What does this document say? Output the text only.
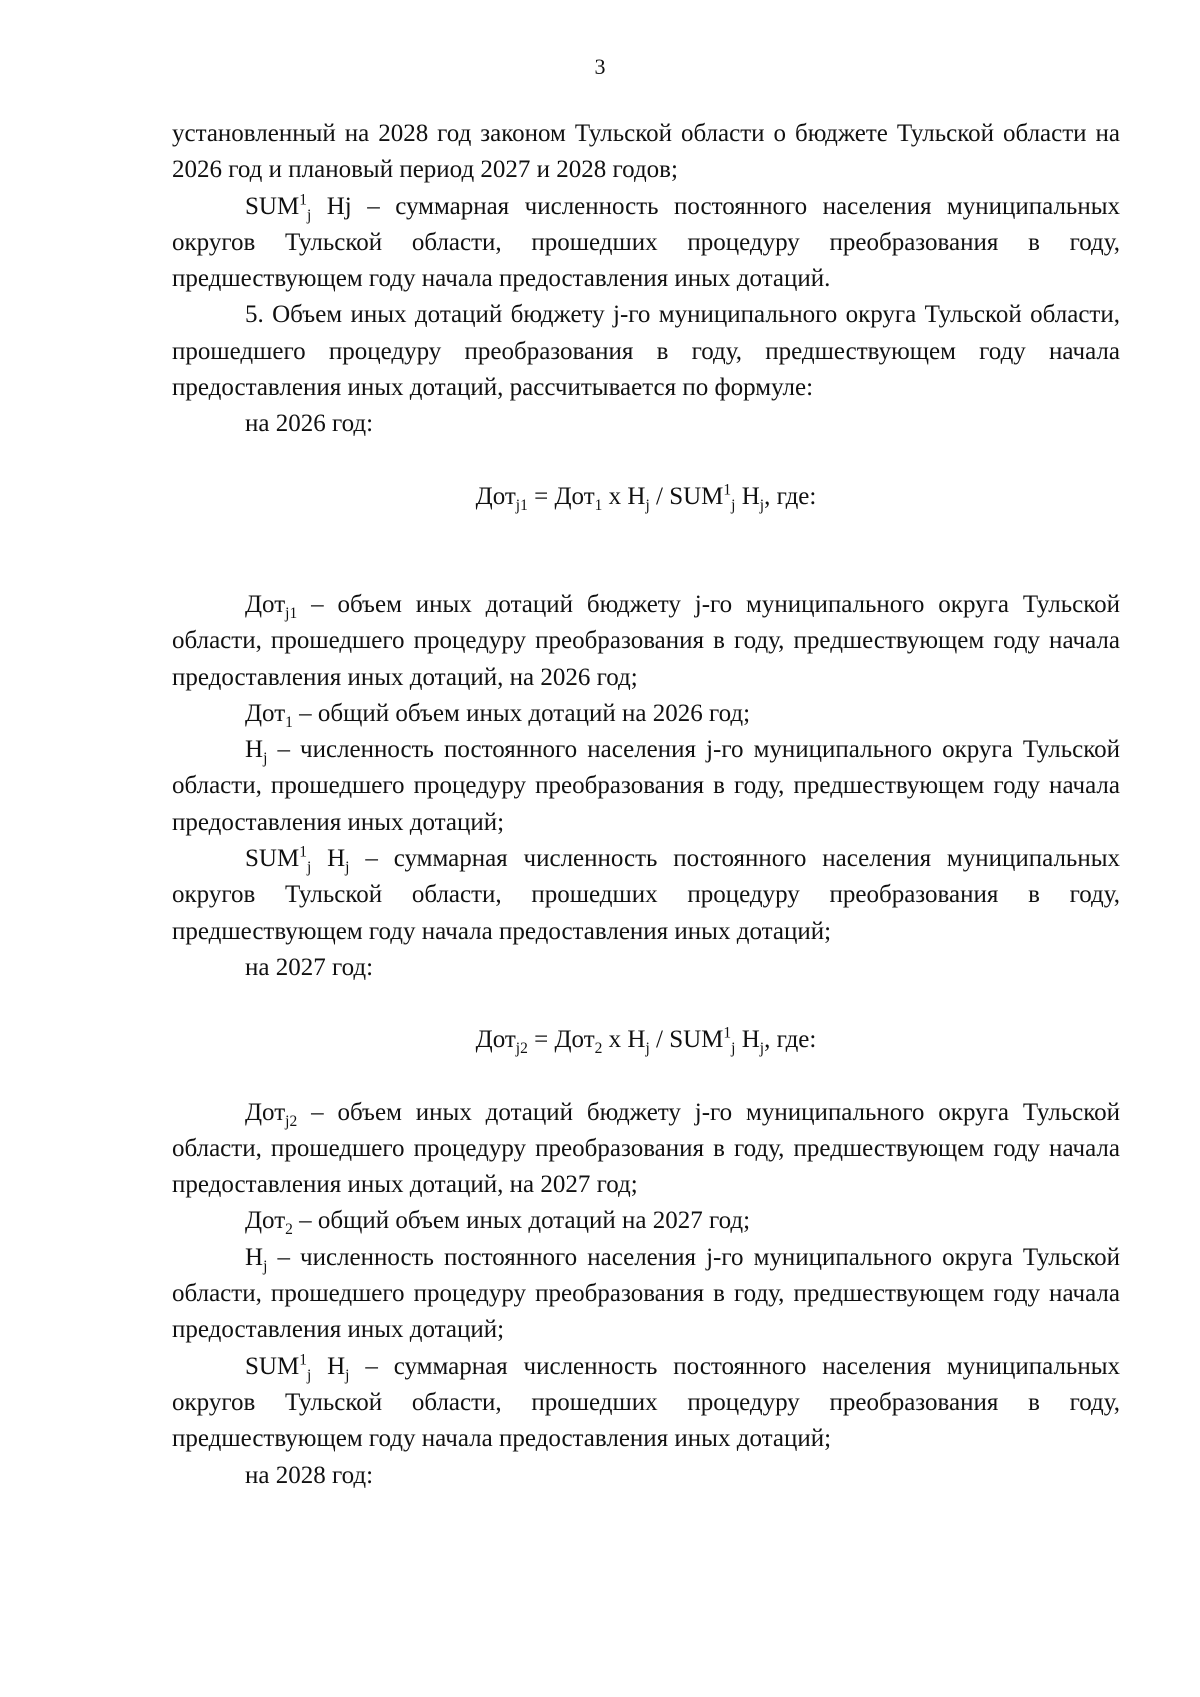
3

установленный на 2028 год законом Тульской области о бюджете Тульской области на 2026 год и плановый период 2027 и 2028 годов;

$SUM^1_j$ Hj – суммарная численность постоянного населения муниципальных округов Тульской области, прошедших процедуру преобразования в году, предшествующем году начала предоставления иных дотаций.

5. Объем иных дотаций бюджету j-го муниципального округа Тульской области, прошедшего процедуру преобразования в году, предшествующем году начала предоставления иных дотаций, рассчитывается по формуле:

на 2026 год:

Дот$_{j1}$ = Дот$_1$ x $H_j / SUM^1_j$ $H_j$, где:

Дот$_{j1}$ – объем иных дотаций бюджету j-го муниципального округа Тульской области, прошедшего процедуру преобразования в году, предшествующем году начала предоставления иных дотаций, на 2026 год;

Дот$_1$ – общий объем иных дотаций на 2026 год;

$H_j$ – численность постоянного населения j-го муниципального округа Тульской области, прошедшего процедуру преобразования в году, предшествующем году начала предоставления иных дотаций;

$SUM^1_j$ $H_j$ – суммарная численность постоянного населения муниципальных округов Тульской области, прошедших процедуру преобразования в году, предшествующем году начала предоставления иных дотаций;

на 2027 год:

Дот$_{j2}$ = Дот$_2$ x $H_j / SUM^1_j$ $H_j$, где:

Дот$_{j2}$ – объем иных дотаций бюджету j-го муниципального округа Тульской области, прошедшего процедуру преобразования в году, предшествующем году начала предоставления иных дотаций, на 2027 год;

Дот$_2$ – общий объем иных дотаций на 2027 год;

$H_j$ – численность постоянного населения j-го муниципального округа Тульской области, прошедшего процедуру преобразования в году, предшествующем году начала предоставления иных дотаций;

$SUM^1_j$ $H_j$ – суммарная численность постоянного населения муниципальных округов Тульской области, прошедших процедуру преобразования в году, предшествующем году начала предоставления иных дотаций;

на 2028 год:
